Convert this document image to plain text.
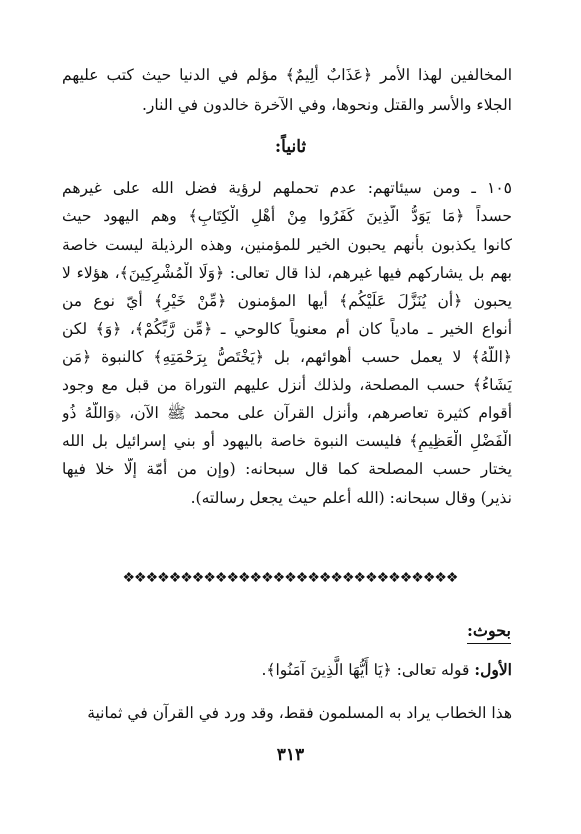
المخالفين لهذا الأمر ﴿عَذَابٌ أَلِيمٌ﴾ مؤلم في الدنيا حيث كتب عليهم
الجلاء والأسر والقتل ونحوها، وفي الآخرة خالدون في النار.
ثانياً:
١٠٥ ـ ومن سيئاتهم: عدم تحملهم لرؤية فضل الله على غيرهم
حسداً ﴿مَا يَوَدُّ الَّذِينَ كَفَرُوا مِنْ أَهْلِ الْكِتَابِ﴾ وهم اليهود حيث
كانوا يكذبون بأنهم يحبون الخير للمؤمنين، وهذه الرذيلة ليست خاصة
بهم بل يشاركهم فيها غيرهم، لذا قال تعالى: ﴿وَلَا الْمُشْرِكِينَ﴾، هؤلاء لا
يحبون ﴿أَن يُنَزَّلَ عَلَيْكُم﴾ أيها المؤمنون ﴿مِّنْ خَيْرٍ﴾ أيّ نوع من
أنواع الخير ـ مادياً كان أم معنوياً كالوحي ـ ﴿مِّن رَّبِّكُمْ﴾، ﴿وَ﴾ لكن
﴿اللَّهُ﴾ لا يعمل حسب أهوائهم، بل ﴿يَخْتَصُّ بِرَحْمَتِهِ﴾ كالنبوة ﴿مَن
يَشَاءُ﴾ حسب المصلحة، ولذلك أنزل عليهم التوراة من قبل مع وجود
أقوام كثيرة تعاصرهم، وأنزل القرآن على محمد ﷺ الآن، ﴿وَاللَّهُ ذُو
الْفَضْلِ الْعَظِيمِ﴾ فليست النبوة خاصة باليهود أو بني إسرائيل بل الله
يختار حسب المصلحة كما قال سبحانه: (وإن من أمّة إلّا خلا فيها
نذير) وقال سبحانه: (الله أعلم حيث يجعل رسالته).
❖❖❖❖❖❖❖❖❖❖❖❖❖❖❖❖❖❖❖❖❖❖❖❖❖❖❖❖❖
بحوث:
الأول: قوله تعالى: ﴿يَا أَيُّهَا الَّذِينَ آمَنُوا﴾.
هذا الخطاب يراد به المسلمون فقط، وقد ورد في القرآن في ثمانية
٣١٣
